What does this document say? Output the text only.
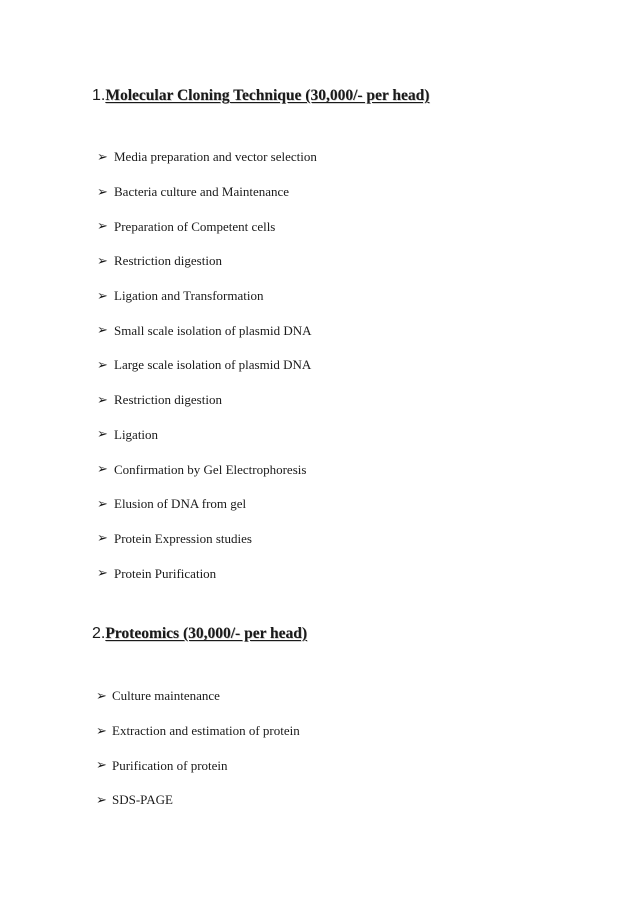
1.Molecular Cloning Technique (30,000/- per head)
➢ Media preparation and vector selection
➢ Bacteria culture and Maintenance
➢ Preparation of Competent cells
➢ Restriction digestion
➢ Ligation and Transformation
➢ Small scale isolation of plasmid DNA
➢ Large scale isolation of plasmid DNA
➢ Restriction digestion
➢ Ligation
➢ Confirmation by Gel Electrophoresis
➢ Elusion of DNA from gel
➢ Protein Expression studies
➢ Protein Purification
2.Proteomics (30,000/- per head)
➢ Culture maintenance
➢ Extraction and estimation of protein
➢ Purification of protein
➢ SDS-PAGE
